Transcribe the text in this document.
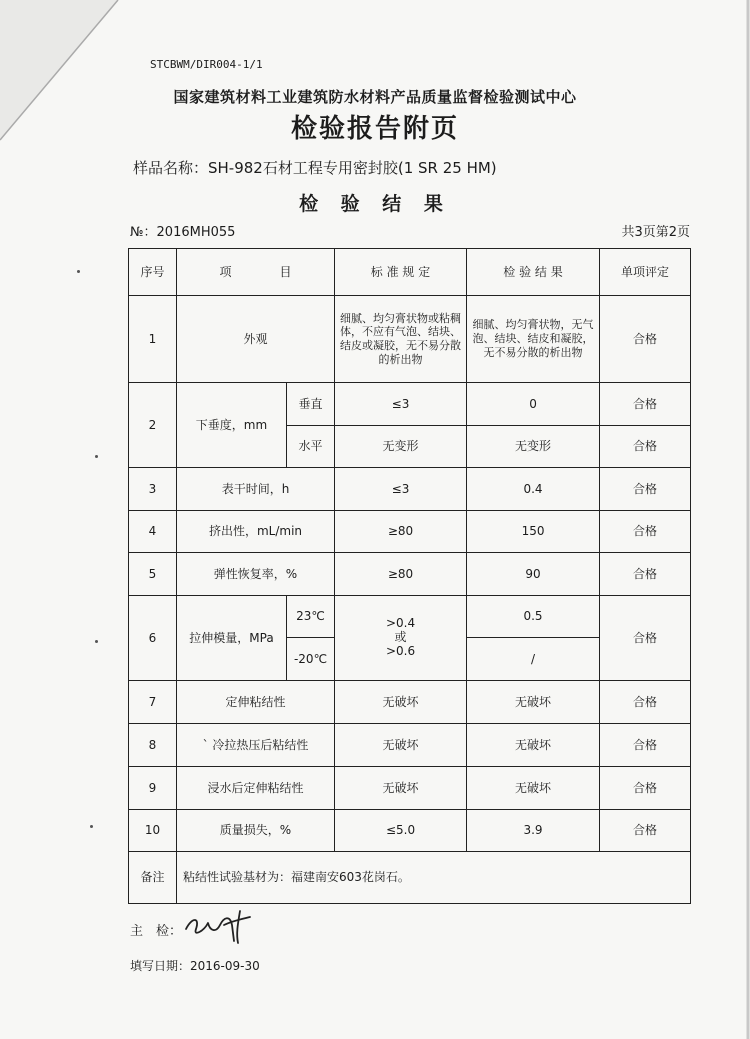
STCBWM/DIR004-1/1
国家建筑材料工业建筑防水材料产品质量监督检验测试中心
检验报告附页
样品名称：SH-982石材工程专用密封胶(1 SR 25 HM)
检 验 结 果
№：2016MH055	共3页第2页
序号	项　　　　目		标 准 规 定	检 验 结 果	单项评定
1	外观		细腻、均匀膏状物或粘稠体，不应有气泡、结块、结皮或凝胶，无不易分散的析出物	细腻、均匀膏状物，无气泡、结块、结皮和凝胶，无不易分散的析出物	合格
2	下垂度，mm	垂直	≤3	0	合格
		水平	无变形	无变形	合格
3	表干时间，h		≤3	0.4	合格
4	挤出性，mL/min		≥80	150	合格
5	弹性恢复率，%		≥80	90	合格
6	拉伸模量，MPa	23℃	>0.4
或
>0.6	0.5	合格
		-20℃		/	
7	定伸粘结性		无破坏	无破坏	合格
8	` 冷拉热压后粘结性		无破坏	无破坏	合格
9	浸水后定伸粘结性		无破坏	无破坏	合格
10	质量损失，%		≤5.0	3.9	合格
备注	粘结性试验基材为：福建南安603花岗石。				
主　检：
填写日期：2016-09-30
